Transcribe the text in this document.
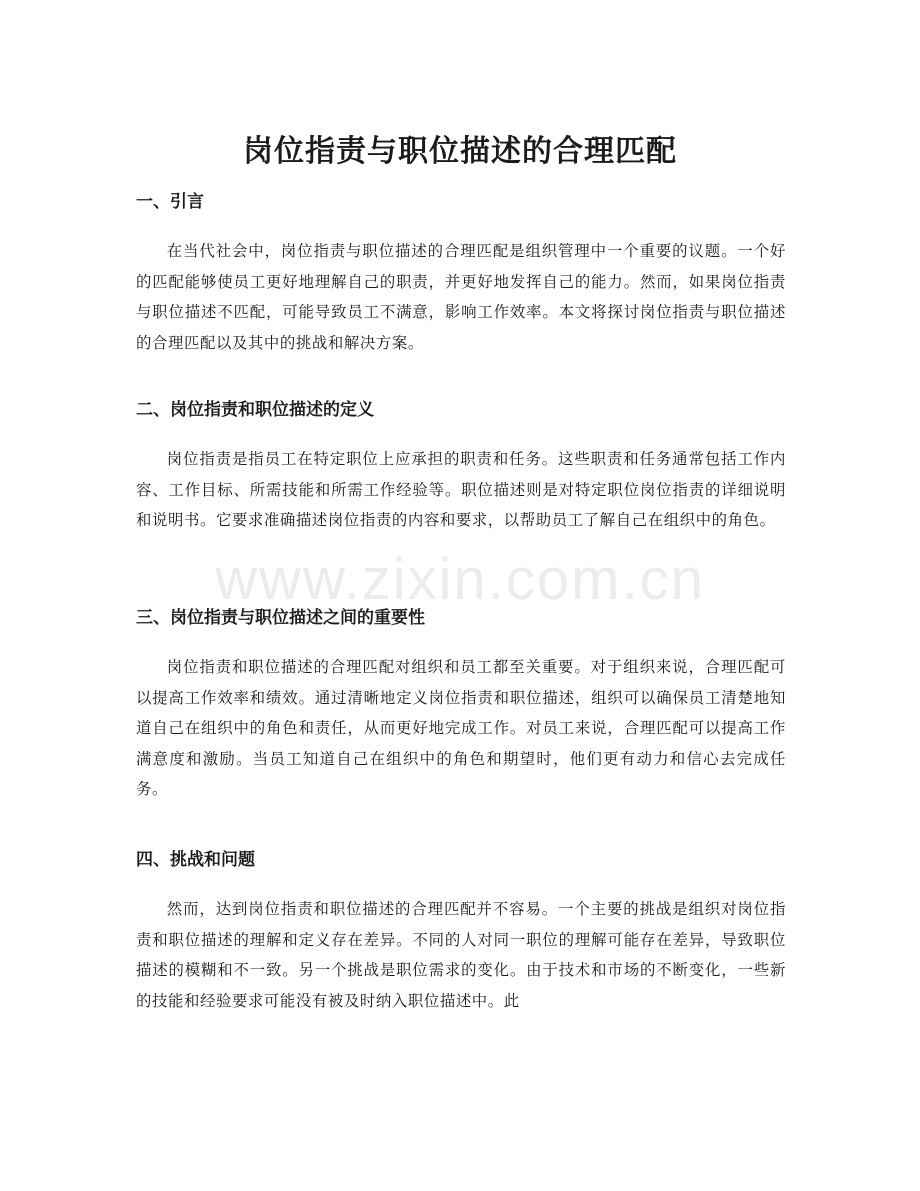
岗位指责与职位描述的合理匹配
一、引言

在当代社会中，岗位指责与职位描述的合理匹配是组织管理中一个重要的议题。一个好的匹配能够使员工更好地理解自己的职责，并更好地发挥自己的能力。然而，如果岗位指责与职位描述不匹配，可能导致员工不满意，影响工作效率。本文将探讨岗位指责与职位描述的合理匹配以及其中的挑战和解决方案。

二、岗位指责和职位描述的定义

岗位指责是指员工在特定职位上应承担的职责和任务。这些职责和任务通常包括工作内容、工作目标、所需技能和所需工作经验等。职位描述则是对特定职位岗位指责的详细说明和说明书。它要求准确描述岗位指责的内容和要求，以帮助员工了解自己在组织中的角色。

三、岗位指责与职位描述之间的重要性

岗位指责和职位描述的合理匹配对组织和员工都至关重要。对于组织来说，合理匹配可以提高工作效率和绩效。通过清晰地定义岗位指责和职位描述，组织可以确保员工清楚地知道自己在组织中的角色和责任，从而更好地完成工作。对员工来说，合理匹配可以提高工作满意度和激励。当员工知道自己在组织中的角色和期望时，他们更有动力和信心去完成任务。

四、挑战和问题

然而，达到岗位指责和职位描述的合理匹配并不容易。一个主要的挑战是组织对岗位指责和职位描述的理解和定义存在差异。不同的人对同一职位的理解可能存在差异，导致职位描述的模糊和不一致。另一个挑战是职位需求的变化。由于技术和市场的不断变化，一些新的技能和经验要求可能没有被及时纳入职位描述中。此

www.zixin.com.cn
